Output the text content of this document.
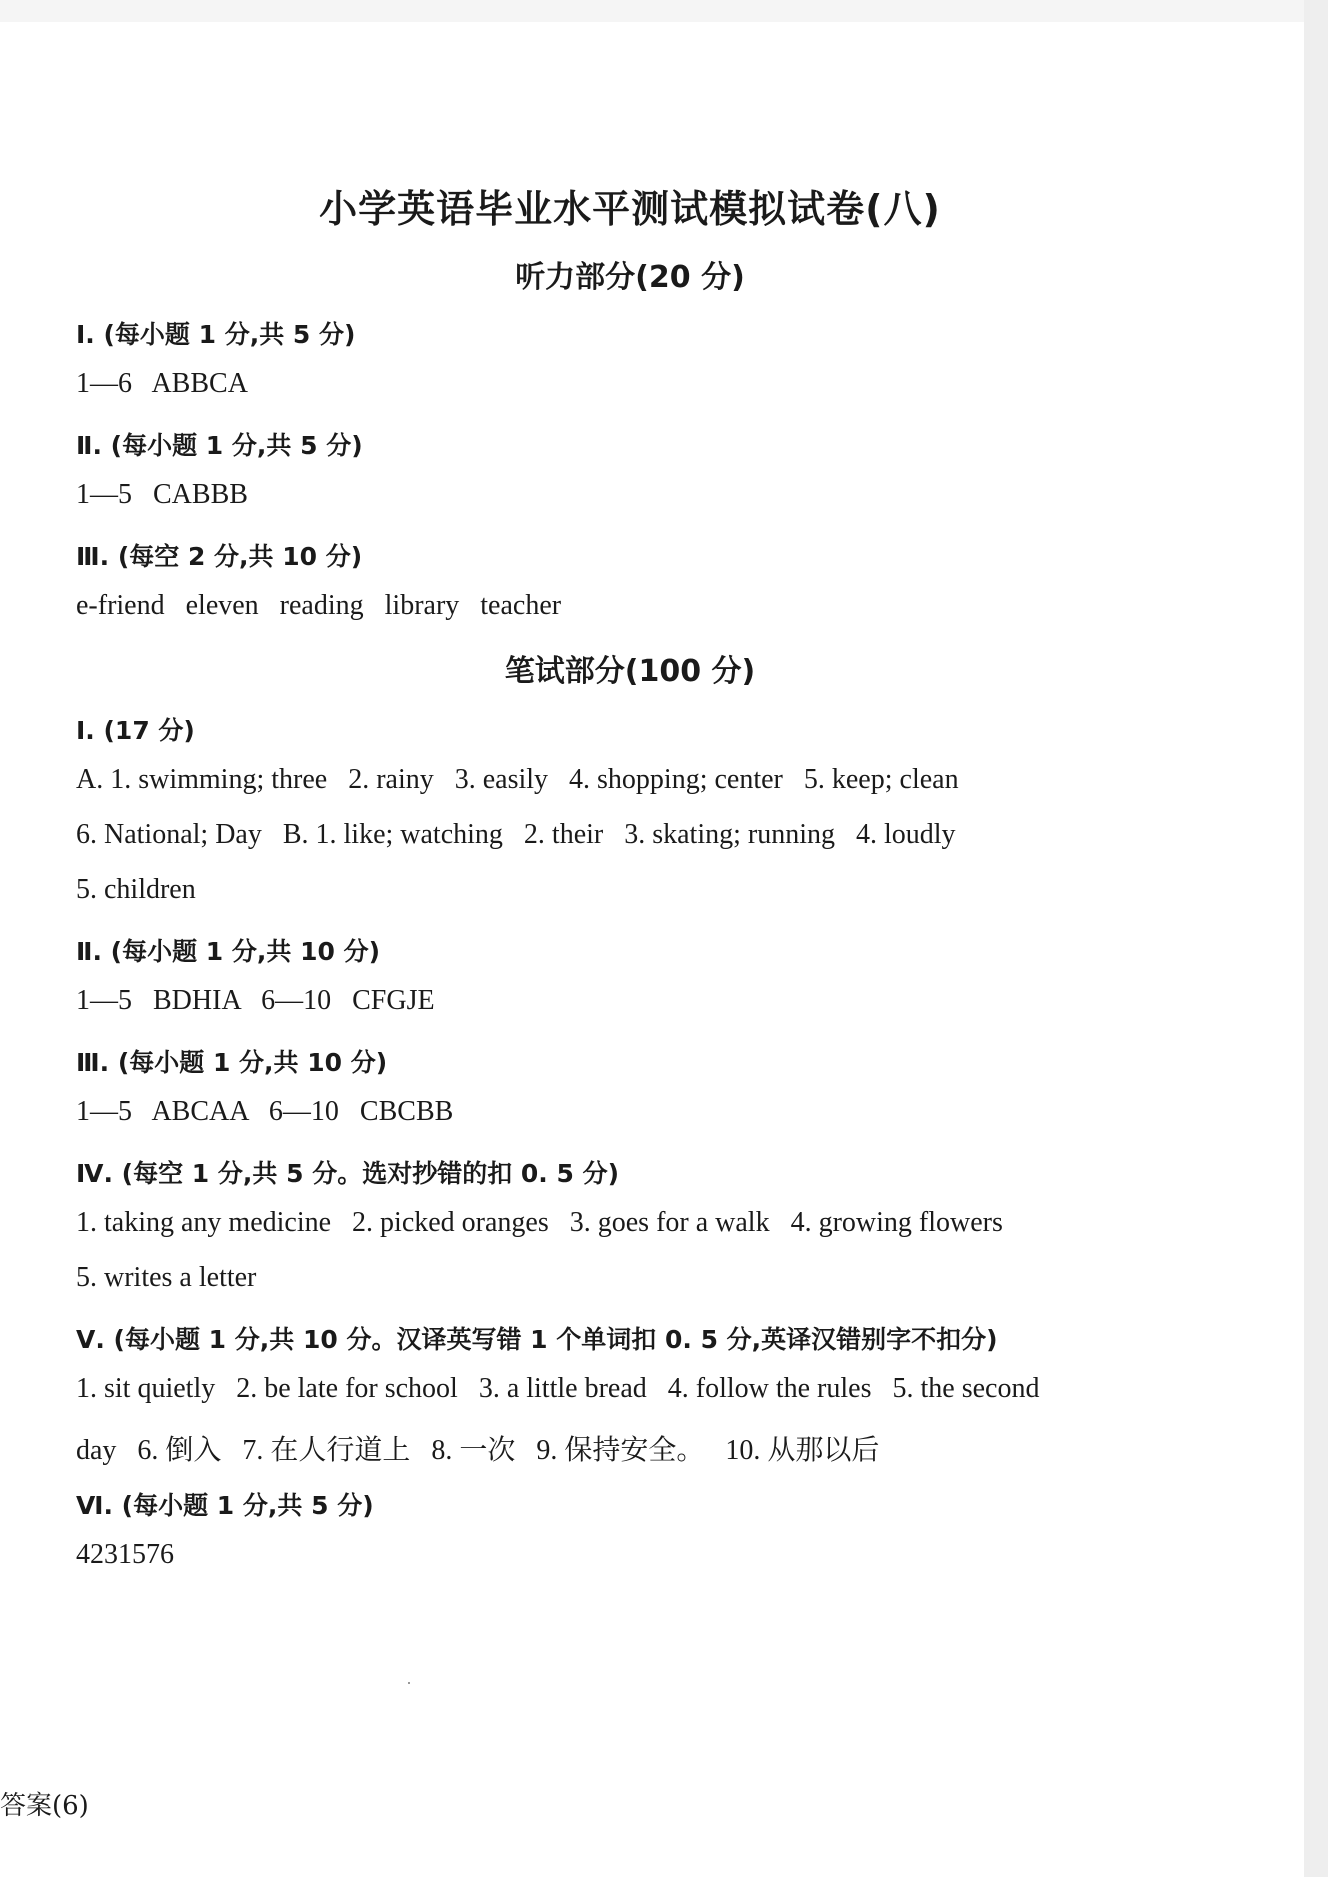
小学英语毕业水平测试模拟试卷(八)
听力部分(20 分)
Ⅰ. (每小题 1 分,共 5 分)
1—6   ABBCA
Ⅱ. (每小题 1 分,共 5 分)
1—5   CABBB
Ⅲ. (每空 2 分,共 10 分)
e-friend   eleven   reading   library   teacher
笔试部分(100 分)
Ⅰ. (17 分)
A. 1. swimming; three   2. rainy   3. easily   4. shopping; center   5. keep; clean
6. National; Day   B. 1. like; watching   2. their   3. skating; running   4. loudly
5. children
Ⅱ. (每小题 1 分,共 10 分)
1—5   BDHIA   6—10   CFGJE
Ⅲ. (每小题 1 分,共 10 分)
1—5   ABCAA   6—10   CBCBB
Ⅳ. (每空 1 分,共 5 分。选对抄错的扣 0. 5 分)
1. taking any medicine   2. picked oranges   3. goes for a walk   4. growing flowers
5. writes a letter
Ⅴ. (每小题 1 分,共 10 分。汉译英写错 1 个单词扣 0. 5 分,英译汉错别字不扣分)
1. sit quietly   2. be late for school   3. a little bread   4. follow the rules   5. the second
day   6. 倒入   7. 在人行道上   8. 一次   9. 保持安全。   10. 从那以后
Ⅵ. (每小题 1 分,共 5 分)
4231576
答案(6)
